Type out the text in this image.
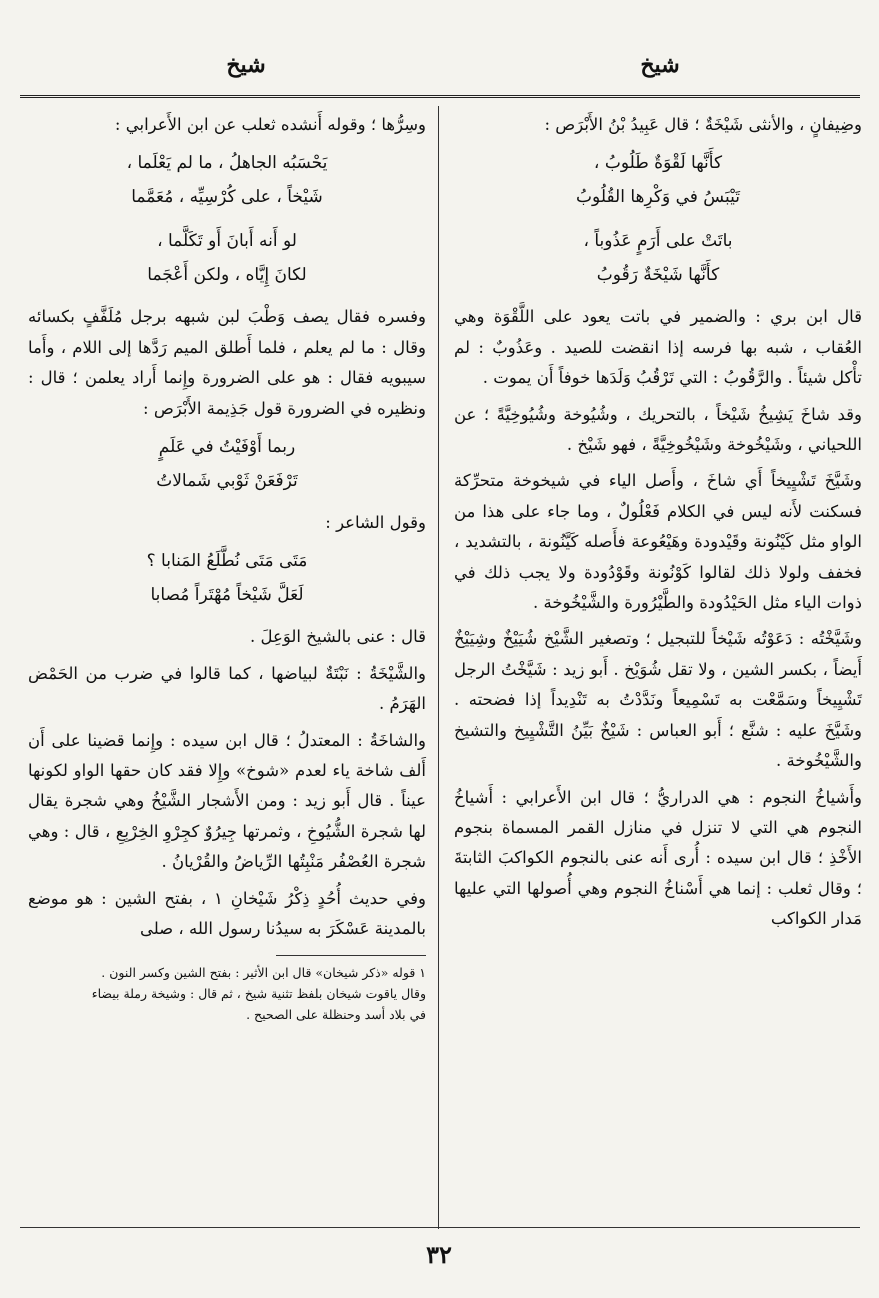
شيخ
شيخ

وضِيفانٍ ، والأنثى شَيْخَةٌ ؛ قال عَبِيدُ بْنُ الأَبْرَص :

كأَنَّها لَقْوَةٌ طَلُوبُ ،
تَيْبَسُ في وَكْرِها القُلُوبُ
باتَتْ على أَرَمٍ عَذُوباً ،
كأَنَّها شَيْخَةٌ رَقُوبُ

قال ابن بري : والضمير في باتت يعود على اللَّقْوَة وهي العُقاب ، شبه بها فرسه إذا انقضت للصيد . وعَذُوبٌ : لم تأْكل شيئاً . والرَّقُوبُ : التي تَرْقُبُ وَلَدَها خوفاً أَن يموت .

وقد شاخَ يَشِيخُ شَيْخاً ، بالتحريك ، وشُيُوخة وشُيُوخِيَّةً ؛ عن اللحياني ، وشَيْخُوخة وشَيْخُوخِيَّةً ، فهو شَيْخ .

وشَيَّخَ تَشْيِيخاً أَي شاخَ ، وأَصل الياء في شيخوخة متحرِّكة فسكنت لأَنه ليس في الكلام فَعْلُولٌ ، وما جاء على هذا من الواو مثل كَيْنُونة وقَيْدودة وهَيْعُوعة فأَصله كَيَّنُونة ، بالتشديد ، فخفف ولولا ذلك لقالوا كَوْنُونة وقَوْدُودة ولا يجب ذلك في ذوات الياء مثل الحَيْدُودة والطَّيْرُورة والشَّيْخُوخة .

وشَيَّخْتُه : دَعَوْتُه شَيْخاً للتبجيل ؛ وتصغير الشَّيْخ شُيَيْخٌ وشِيَيْخٌ أَيضاً ، بكسر الشين ، ولا تقل شُوَيْخ . أَبو زيد : شَيَّخْتُ الرجل تَشْيِيخاً وسَمَّعْت به تَسْمِيعاً ونَدَّدْتُ به تَنْدِيداً إذا فضحته . وشَيَّخَ عليه : شنَّع ؛ أَبو العباس : شَيْخٌ بَيِّنُ التَّشْيِيخ والتشيخ والشَّيْخُوخة .

وأَشياخُ النجوم : هي الدراريُّ ؛ قال ابن الأَعرابي : أَشياخُ النجوم هي التي لا تنزل في منازل القمر المسماة بنجوم الأَخْذِ ؛ قال ابن سيده : أُرى أَنه عنى بالنجوم الكواكبَ الثابتةَ ؛ وقال ثعلب : إنما هي أَسْناخُ النجوم وهي أُصولها التي عليها مَدار الكواكب

وسِرُّها ؛ وقوله أَنشده ثعلب عن ابن الأَعرابي :

يَحْسَبُه الجاهلُ ، ما لم يَعْلَما ،
شَيْخاً ، على كُرْسِيِّه ، مُعَمَّما
لو أَنه أَبانَ أَو تَكَلَّما ،
لكانَ إِيَّاه ، ولكن أَعْجَما

وفسره فقال يصف وَطْبَ لبن شبهه برجل مُلَفَّفٍ بكسائه وقال : ما لم يعلم ، فلما أَطلق الميم رَدَّها إلى اللام ، وأَما سيبويه فقال : هو على الضرورة وإِنما أَراد يعلمن ؛ قال : ونظيره في الضرورة قول جَذِيمة الأَبْرَص :

ربما أَوْفَيْتُ في عَلَمٍ
تَرْفَعَنْ ثَوْبي شَمالاتُ

وقول الشاعر :

مَتَى مَتَى نُطَّلَعُ المَنابا ؟
لَعَلَّ شَيْخاً مُهْتَراً مُصابا

قال : عنى بالشيخ الوَعِلَ .

والشَّيْخَةُ : نَبْتَةٌ لبياضها ، كما قالوا في ضرب من الحَمْض الهَرَمُ .

والشاخَةُ : المعتدلُ ؛ قال ابن سيده : وإِنما قضينا على أَن أَلف شاخة ياء لعدم «شوخ» وإِلا فقد كان حقها الواو لكونها عيناً . قال أَبو زيد : ومن الأَشجار الشَّيْخُ وهي شجرة يقال لها شجرة الشُّيُوخِ ، وثمرتها جِيرُوٌ كجِرْوِ الخِرْبِعِ ، قال : وهي شجرة العُصْفُر مَنْبِتُها الرِّياضُ والقُرْيانُ .

وفي حديث أُحُدٍ ذِكْرُ شَيْخانِ ١ ، بفتح الشين : هو موضع بالمدينة عَسْكَرَ به سيدُنا رسول الله ، صلى

١ قوله «ذكر شيخان» قال ابن الأثير : بفتح الشين وكسر النون .

وقال ياقوت شيخان بلفظ تثنية شيخ ، ثم قال : وشيخة رملة بيضاء

في بلاد أسد وحنظلة على الصحيح .

٣٢
